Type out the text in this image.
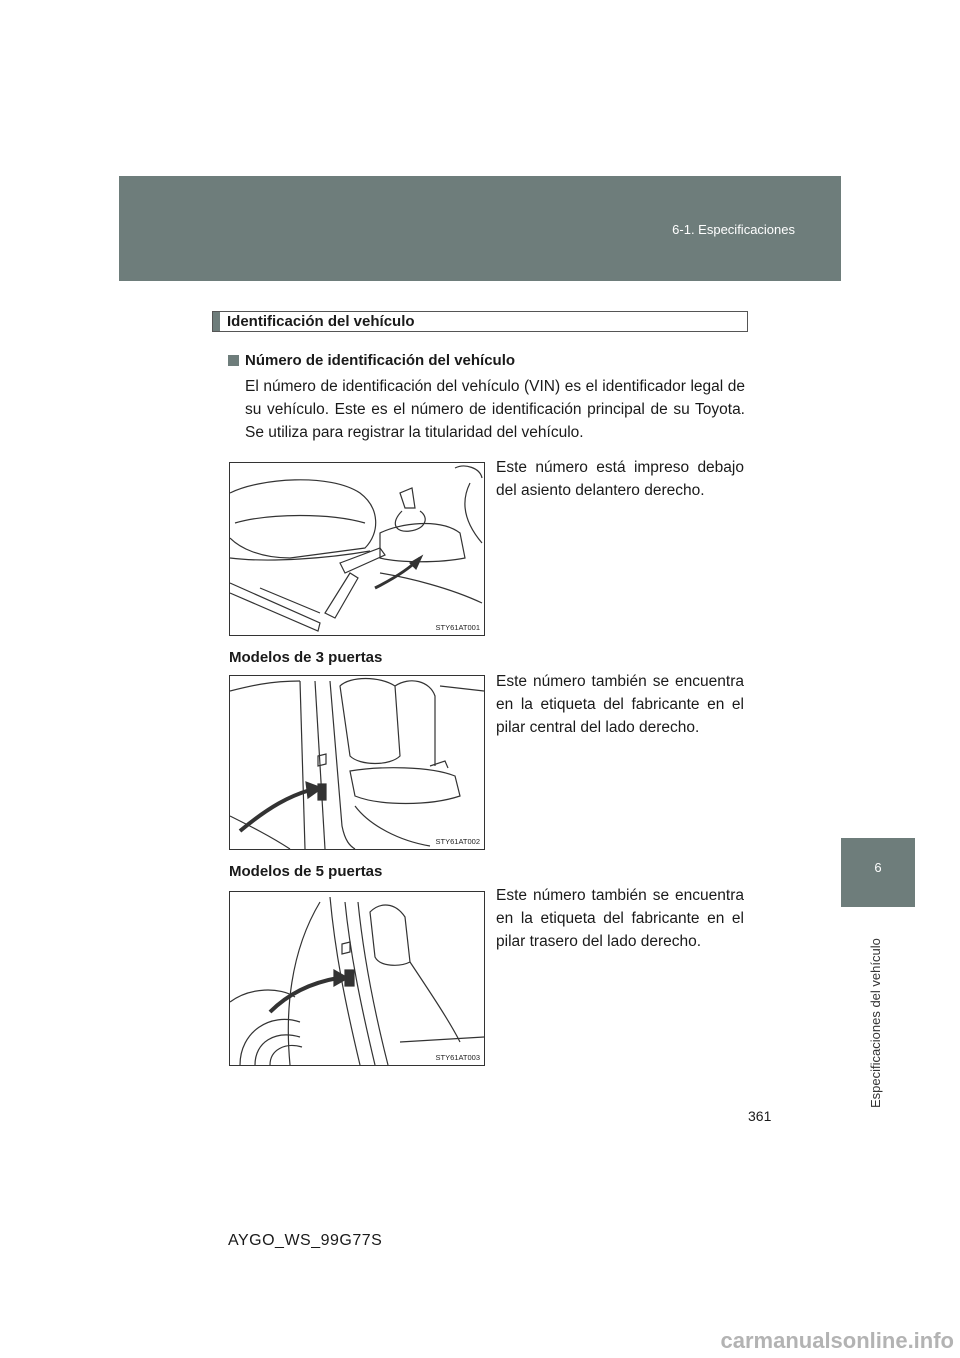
6-1. Especificaciones
6
Especificaciones del vehículo
Identificación del vehículo
Número de identificación del vehículo
El número de identificación del vehículo (VIN) es el identificador legal de su vehículo. Este es el número de identificación principal de su Toyota. Se utiliza para registrar la titularidad del vehículo.
STY61AT001
Este número está impreso debajo del asiento delantero derecho.
Modelos de 3 puertas
STY61AT002
Este número también se encuentra en la etiqueta del fabricante en el pilar central del lado derecho.
Modelos de 5 puertas
STY61AT003
Este número también se encuentra en la etiqueta del fabricante en el pilar trasero del lado derecho.
361
AYGO_WS_99G77S
carmanualsonline.info
